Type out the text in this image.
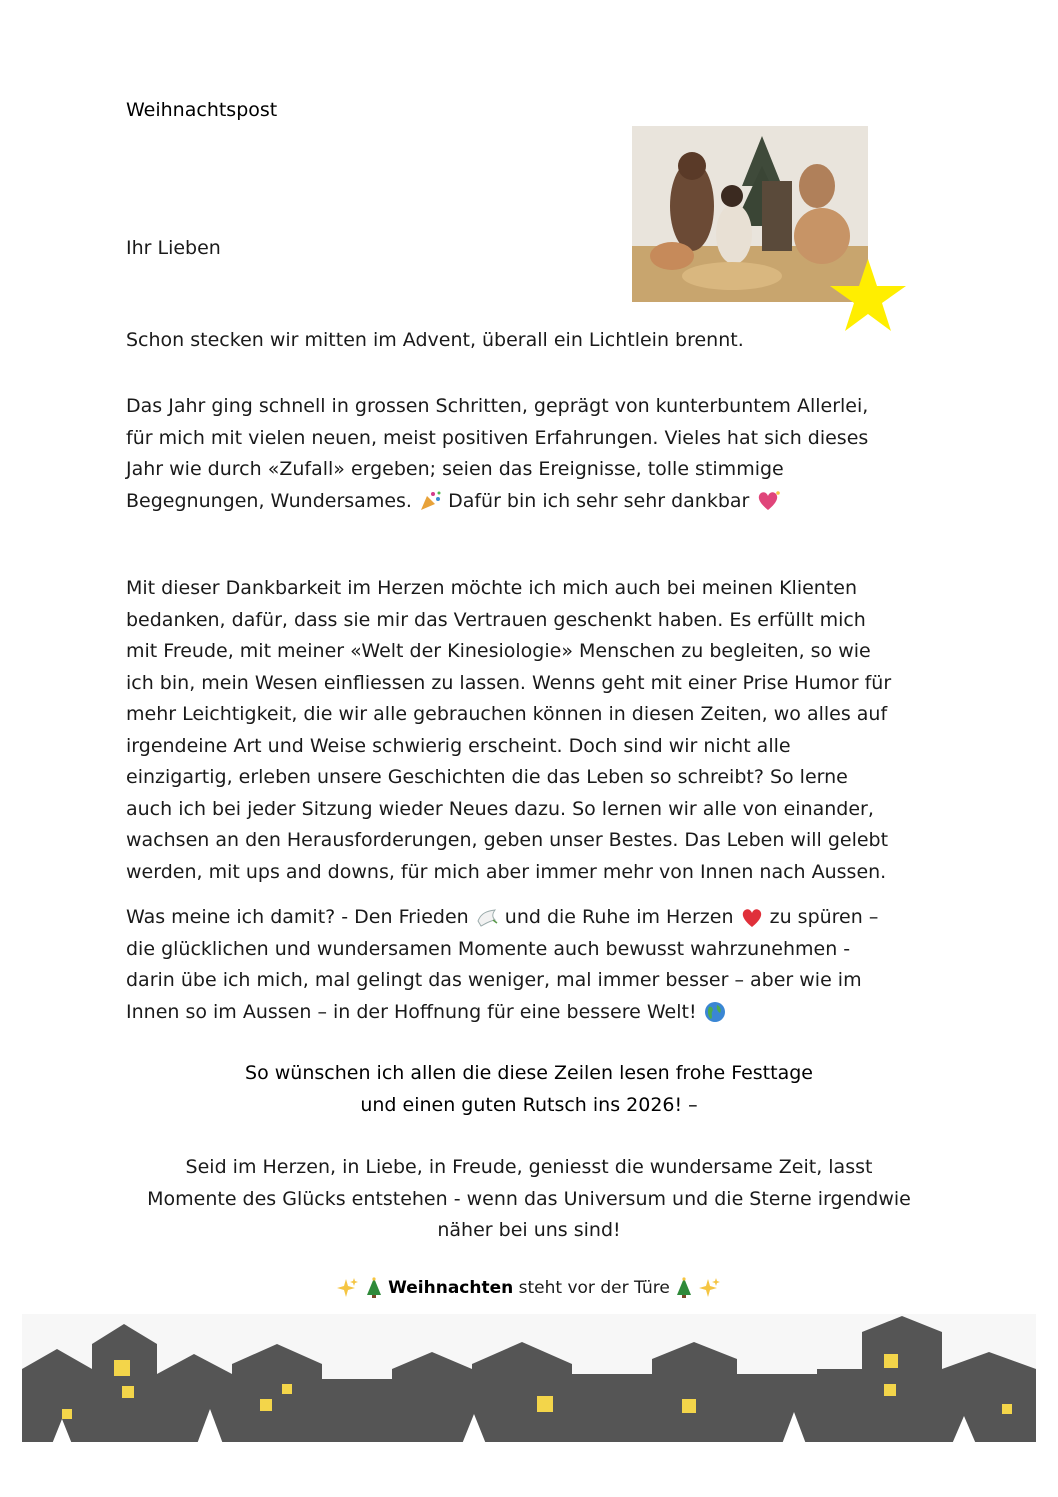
Weihnachtspost
Ihr Lieben
Schon stecken wir mitten im Advent, überall ein Lichtlein brennt.
Das Jahr ging schnell in grossen Schritten, geprägt von kunterbuntem Allerlei,
für mich mit vielen neuen, meist positiven Erfahrungen. Vieles hat sich dieses
Jahr wie durch «Zufall» ergeben; seien das Ereignisse, tolle stimmige
Begegnungen, Wundersames. Dafür bin ich sehr sehr dankbar
Mit dieser Dankbarkeit im Herzen möchte ich mich auch bei meinen Klienten
bedanken, dafür, dass sie mir das Vertrauen geschenkt haben. Es erfüllt mich
mit Freude, mit meiner «Welt der Kinesiologie» Menschen zu begleiten, so wie
ich bin, mein Wesen einfliessen zu lassen. Wenns geht mit einer Prise Humor für
mehr Leichtigkeit, die wir alle gebrauchen können in diesen Zeiten, wo alles auf
irgendeine Art und Weise schwierig erscheint. Doch sind wir nicht alle
einzigartig, erleben unsere Geschichten die das Leben so schreibt? So lerne
auch ich bei jeder Sitzung wieder Neues dazu. So lernen wir alle von einander,
wachsen an den Herausforderungen, geben unser Bestes. Das Leben will gelebt
werden, mit ups and downs, für mich aber immer mehr von Innen nach Aussen.
Was meine ich damit? - Den Frieden und die Ruhe im Herzen zu spüren –
die glücklichen und wundersamen Momente auch bewusst wahrzunehmen -
darin übe ich mich, mal gelingt das weniger, mal immer besser – aber wie im
Innen so im Aussen – in der Hoffnung für eine bessere Welt!
So wünschen ich allen die diese Zeilen lesen frohe Festtage
und einen guten Rutsch ins 2026! –
Seid im Herzen, in Liebe, in Freude, geniesst die wundersame Zeit, lasst
Momente des Glücks entstehen - wenn das Universum und die Sterne irgendwie
näher bei uns sind!
Weihnachten steht vor der Türe
